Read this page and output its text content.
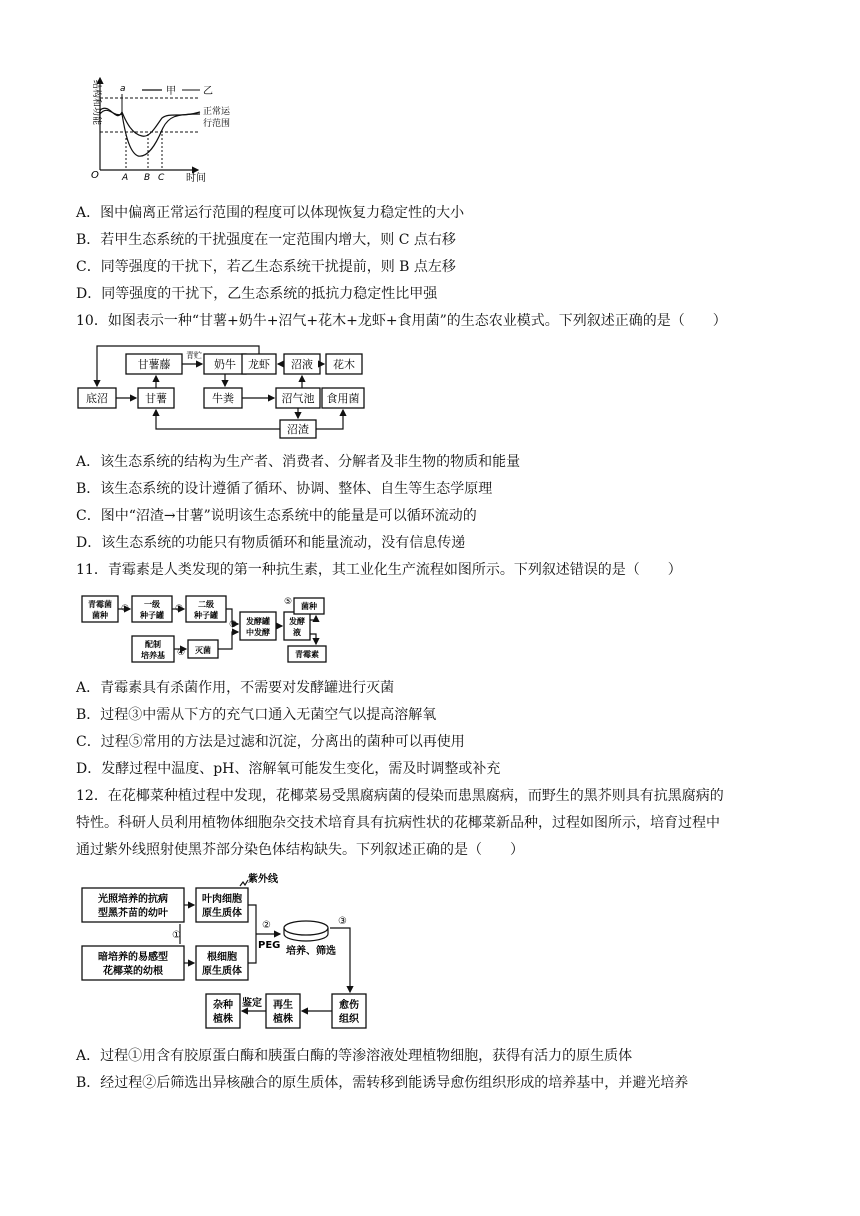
O	时间
结构和功能 a
A B C
甲	乙
正常运
行范围
A．图中偏离正常运行范围的程度可以体现恢复力稳定性的大小
B．若甲生态系统的干扰强度在一定范围内增大，则 C 点右移
C．同等强度的干扰下，若乙生态系统干扰提前，则 B 点左移
D．同等强度的干扰下，乙生态系统的抵抗力稳定性比甲强
10．如图表示一种“甘薯+奶牛+沼气+花木+龙虾+食用菌”的生态农业模式。下列叙述正确的是（　　）
甘薯藤	奶牛 龙虾 沼液 花木
底沼	甘薯	牛粪	沼气池 食用菌
沼渣
青贮
A．该生态系统的结构为生产者、消费者、分解者及非生物的物质和能量
B．该生态系统的设计遵循了循环、协调、整体、自生等生态学原理
C．图中“沼渣→甘薯”说明该生态系统中的能量是可以循环流动的
D．该生态系统的功能只有物质循环和能量流动，没有信息传递
11．青霉素是人类发现的第一种抗生素，其工业化生产流程如图所示。下列叙述错误的是（　　）
青霉菌
菌种
① 一级
种子罐
② 二级
种子罐
③ 发酵罐
中发酵
发酵
液
⑤ 菌种
青霉素
配制
培养基 ④ 灭菌
A．青霉素具有杀菌作用，不需要对发酵罐进行灭菌
B．过程③中需从下方的充气口通入无菌空气以提高溶解氧
C．过程⑤常用的方法是过滤和沉淀，分离出的菌种可以再使用
D．发酵过程中温度、pH、溶解氧可能发生变化，需及时调整或补充
12．在花椰菜种植过程中发现，花椰菜易受黑腐病菌的侵染而患黑腐病，而野生的黑芥则具有抗黑腐病的
特性。科研人员利用植物体细胞杂交技术培育具有抗病性状的花椰菜新品种，过程如图所示，培育过程中
通过紫外线照射使黑芥部分染色体结构缺失。下列叙述正确的是（　　）
光照培养的抗病
型黑芥苗的幼叶
叶肉细胞
原生质体
紫外线
暗培养的易感型
花椰菜的幼根
根细胞
原生质体
①
②
PEG
培养、筛选
③
愈伤
组织
再生
植株
杂种
植株
鉴定
A．过程①用含有胶原蛋白酶和胰蛋白酶的等渗溶液处理植物细胞，获得有活力的原生质体
B．经过程②后筛选出异核融合的原生质体，需转移到能诱导愈伤组织形成的培养基中，并避光培养
